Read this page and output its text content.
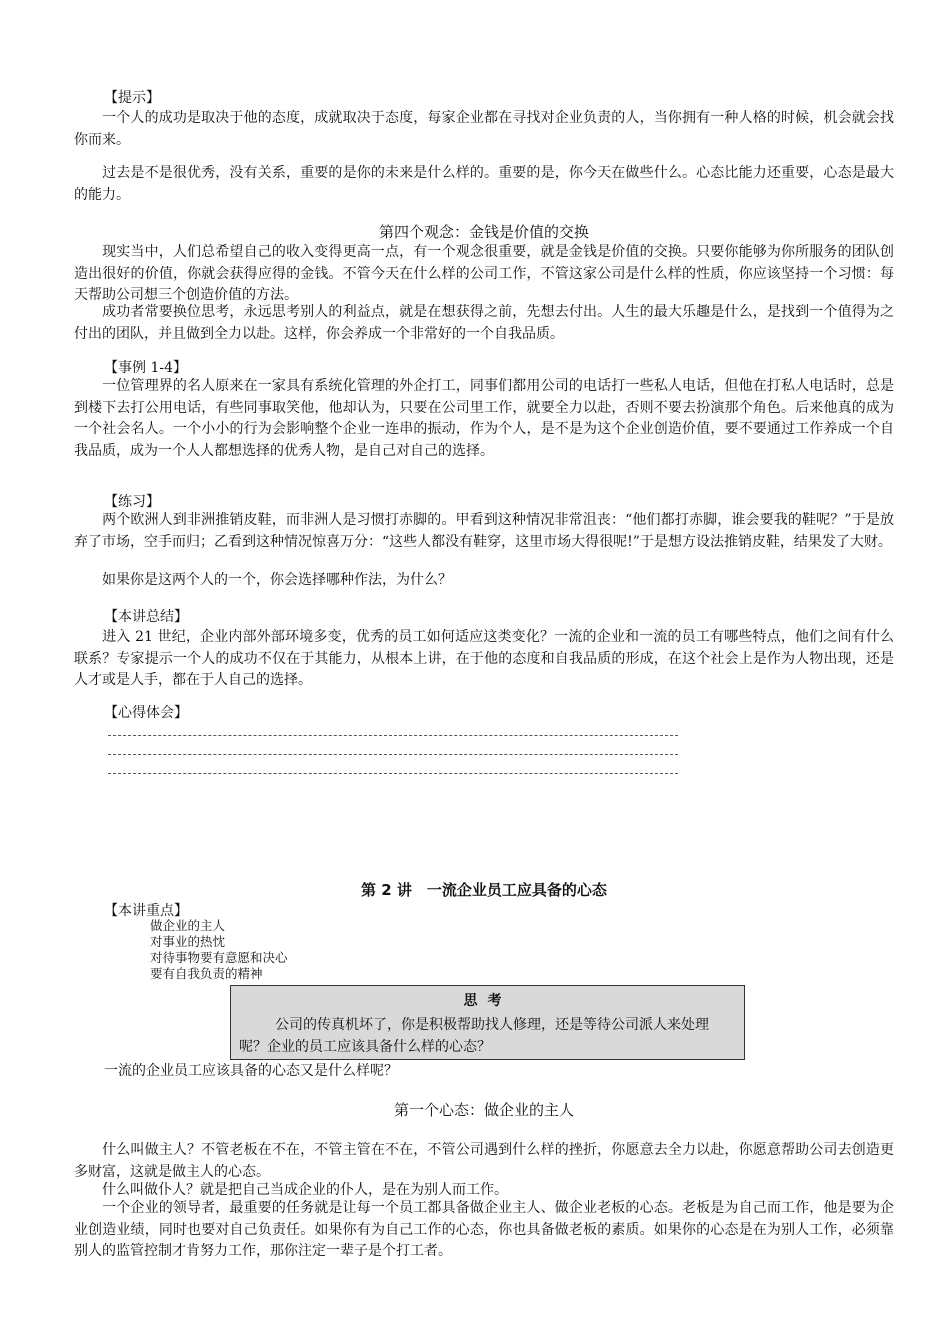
【提示】

一个人的成功是取决于他的态度，成就取决于态度，每家企业都在寻找对企业负责的人，当你拥有一种人格的时候，机会就会找你而来。

过去是不是很优秀，没有关系，重要的是你的未来是什么样的。重要的是，你今天在做些什么。心态比能力还重要，心态是最大的能力。

第四个观念：金钱是价值的交换

现实当中，人们总希望自己的收入变得更高一点，有一个观念很重要，就是金钱是价值的交换。只要你能够为你所服务的团队创造出很好的价值，你就会获得应得的金钱。不管今天在什么样的公司工作，不管这家公司是什么样的性质，你应该坚持一个习惯：每天帮助公司想三个创造价值的方法。

成功者常要换位思考，永远思考别人的利益点，就是在想获得之前，先想去付出。人生的最大乐趣是什么，是找到一个值得为之付出的团队，并且做到全力以赴。这样，你会养成一个非常好的一个自我品质。

【事例 1-4】

一位管理界的名人原来在一家具有系统化管理的外企打工，同事们都用公司的电话打一些私人电话，但他在打私人电话时，总是到楼下去打公用电话，有些同事取笑他，他却认为，只要在公司里工作，就要全力以赴，否则不要去扮演那个角色。后来他真的成为一个社会名人。一个小小的行为会影响整个企业一连串的振动，作为个人，是不是为这个企业创造价值，要不要通过工作养成一个自我品质，成为一个人人都想选择的优秀人物，是自己对自己的选择。

【练习】

两个欧洲人到非洲推销皮鞋，而非洲人是习惯打赤脚的。甲看到这种情况非常沮丧：“他们都打赤脚，谁会要我的鞋呢？”于是放弃了市场，空手而归；乙看到这种情况惊喜万分：“这些人都没有鞋穿，这里市场大得很呢!”于是想方设法推销皮鞋，结果发了大财。

如果你是这两个人的一个，你会选择哪种作法，为什么？

【本讲总结】

进入 21 世纪，企业内部外部环境多变，优秀的员工如何适应这类变化？一流的企业和一流的员工有哪些特点，他们之间有什么联系？专家提示一个人的成功不仅在于其能力，从根本上讲，在于他的态度和自我品质的形成，在这个社会上是作为人物出现，还是人才或是人手，都在于人自己的选择。

【心得体会】

第 2 讲　一流企业员工应具备的心态

【本讲重点】

做企业的主人
对事业的热忱
对待事物要有意愿和决心
要有自我负责的精神

思考

公司的传真机坏了，你是积极帮助找人修理，还是等待公司派人来处理呢？企业的员工应该具备什么样的心态？

一流的企业员工应该具备的心态又是什么样呢？

第一个心态：做企业的主人

什么叫做主人？不管老板在不在，不管主管在不在，不管公司遇到什么样的挫折，你愿意去全力以赴，你愿意帮助公司去创造更多财富，这就是做主人的心态。

什么叫做仆人？就是把自己当成企业的仆人，是在为别人而工作。

一个企业的领导者，最重要的任务就是让每一个员工都具备做企业主人、做企业老板的心态。老板是为自己而工作，他是要为企业创造业绩，同时也要对自己负责任。如果你有为自己工作的心态，你也具备做老板的素质。如果你的心态是在为别人工作，必须靠别人的监管控制才肯努力工作，那你注定一辈子是个打工者。
